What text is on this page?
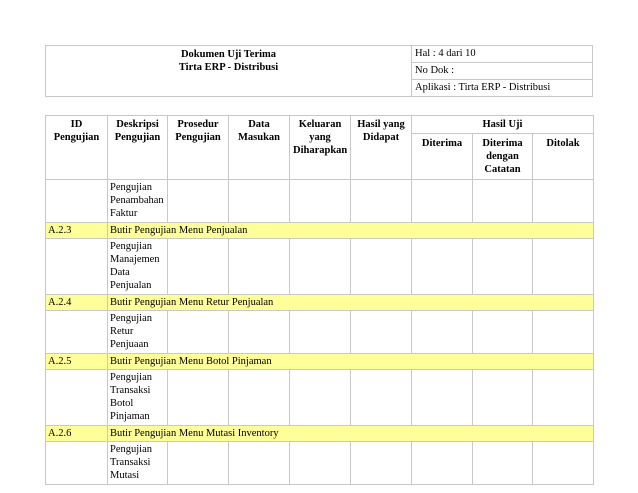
Dokumen Uji Terima
Tirta ERP - Distribusi
	Hal : 4 dari 10
No Dok :
Aplikasi : Tirta ERP - Distribusi
ID Pengujian	Deskripsi Pengujian	Prosedur Pengujian	Data Masukan	Keluaran yang Diharapkan	Hasil yang Didapat	Hasil Uji		
						Diterima	Diterima dengan Catatan	Ditolak
	Pengujian Penambahan Faktur							
A.2.3	Butir Pengujian Menu Penjualan							
	Pengujian Manajemen Data Penjualan							
A.2.4	Butir Pengujian Menu Retur Penjualan							
	Pengujian Retur Penjuaan							
A.2.5	Butir Pengujian Menu Botol Pinjaman							
	Pengujian Transaksi Botol Pinjaman							
A.2.6	Butir Pengujian Menu Mutasi Inventory							
	Pengujian Transaksi Mutasi							
